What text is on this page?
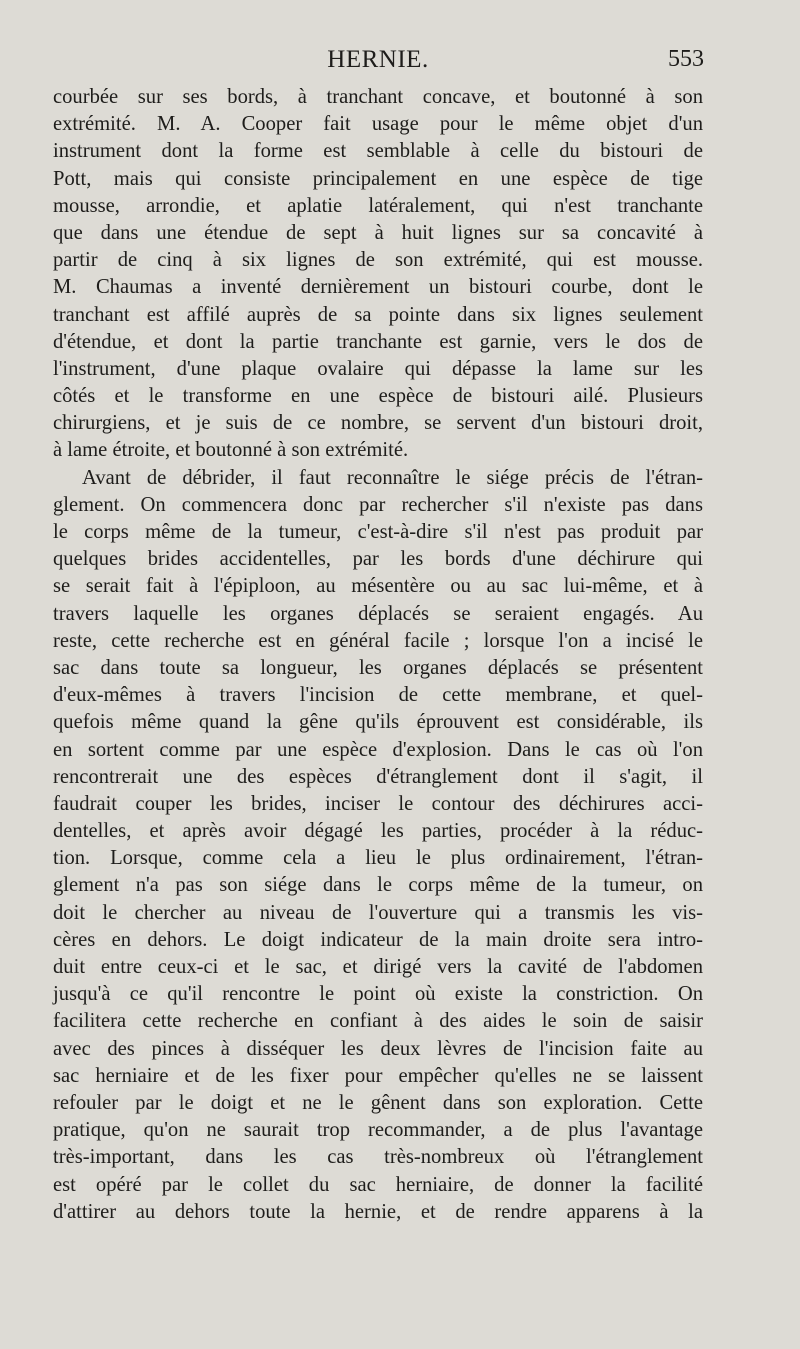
HERNIE.	553
courbée sur ses bords, à tranchant concave, et boutonné à son
extrémité. M. A. Cooper fait usage pour le même objet d'un
instrument dont la forme est semblable à celle du bistouri de
Pott, mais qui consiste principalement en une espèce de tige
mousse, arrondie, et aplatie latéralement, qui n'est tranchante
que dans une étendue de sept à huit lignes sur sa concavité à
partir de cinq à six lignes de son extrémité, qui est mousse.
M. Chaumas a inventé dernièrement un bistouri courbe, dont le
tranchant est affilé auprès de sa pointe dans six lignes seulement
d'étendue, et dont la partie tranchante est garnie, vers le dos de
l'instrument, d'une plaque ovalaire qui dépasse la lame sur les
côtés et le transforme en une espèce de bistouri ailé. Plusieurs
chirurgiens, et je suis de ce nombre, se servent d'un bistouri droit,
à lame étroite, et boutonné à son extrémité.
Avant de débrider, il faut reconnaître le siége précis de l'étran-
glement. On commencera donc par rechercher s'il n'existe pas dans
le corps même de la tumeur, c'est-à-dire s'il n'est pas produit par
quelques brides accidentelles, par les bords d'une déchirure qui
se serait fait à l'épiploon, au mésentère ou au sac lui-même, et à
travers laquelle les organes déplacés se seraient engagés. Au
reste, cette recherche est en général facile ; lorsque l'on a incisé le
sac dans toute sa longueur, les organes déplacés se présentent
d'eux-mêmes à travers l'incision de cette membrane, et quel-
quefois même quand la gêne qu'ils éprouvent est considérable, ils
en sortent comme par une espèce d'explosion. Dans le cas où l'on
rencontrerait une des espèces d'étranglement dont il s'agit, il
faudrait couper les brides, inciser le contour des déchirures acci-
dentelles, et après avoir dégagé les parties, procéder à la réduc-
tion. Lorsque, comme cela a lieu le plus ordinairement, l'étran-
glement n'a pas son siége dans le corps même de la tumeur, on
doit le chercher au niveau de l'ouverture qui a transmis les vis-
cères en dehors. Le doigt indicateur de la main droite sera intro-
duit entre ceux-ci et le sac, et dirigé vers la cavité de l'abdomen
jusqu'à ce qu'il rencontre le point où existe la constriction. On
facilitera cette recherche en confiant à des aides le soin de saisir
avec des pinces à disséquer les deux lèvres de l'incision faite au
sac herniaire et de les fixer pour empêcher qu'elles ne se laissent
refouler par le doigt et ne le gênent dans son exploration. Cette
pratique, qu'on ne saurait trop recommander, a de plus l'avantage
très-important, dans les cas très-nombreux où l'étranglement
est opéré par le collet du sac herniaire, de donner la facilité
d'attirer au dehors toute la hernie, et de rendre apparens à la
